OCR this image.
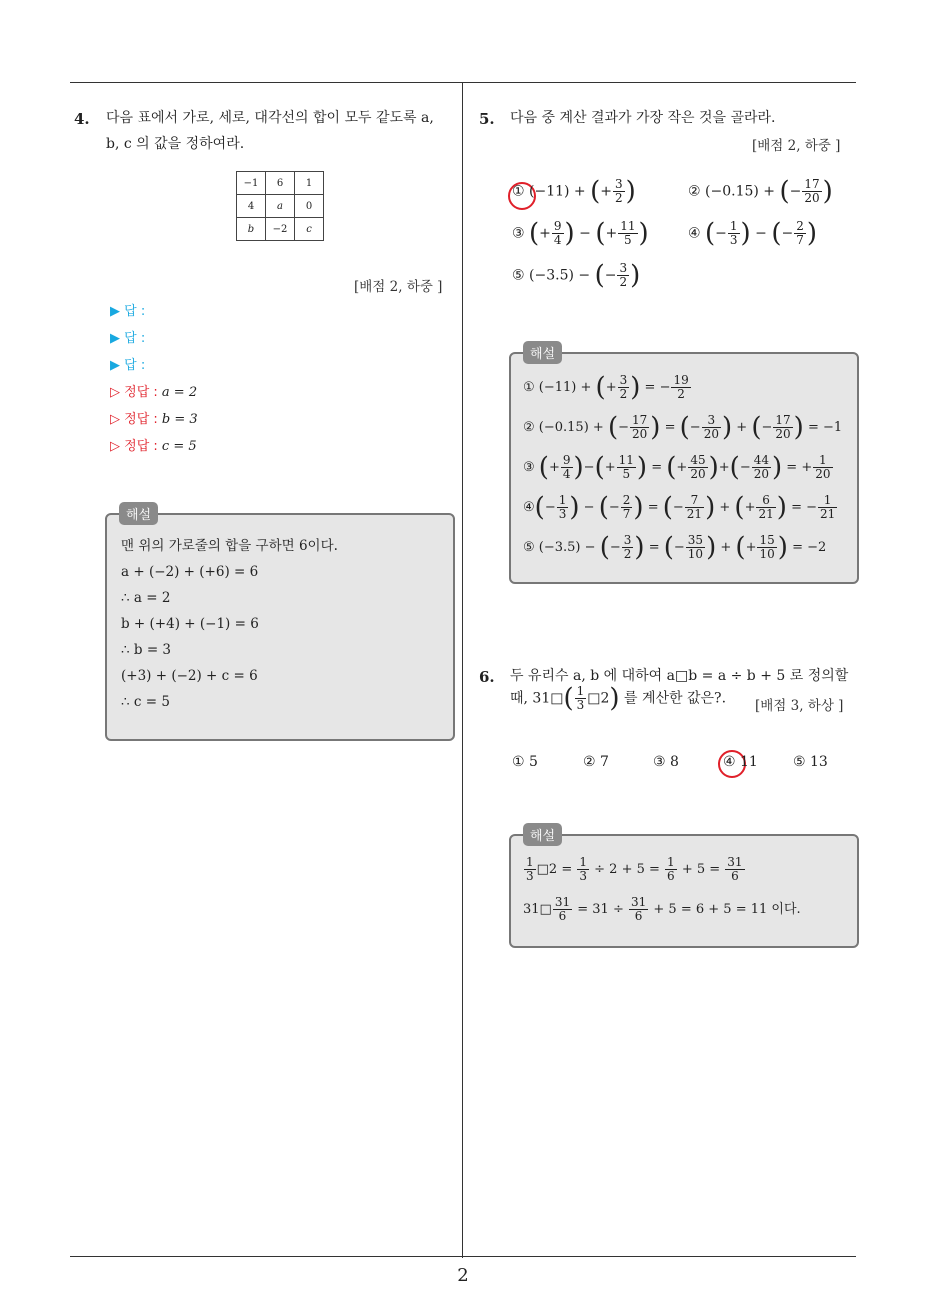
4. 다음 표에서 가로, 세로, 대각선의 합이 모두 같도록 a,
b, c 의 값을 정하여라.
−1	6	1
4	a	0
b	−2	c
[배점 2, 하중 ]
▶ 답 :
▶ 답 :
▶ 답 :
▷ 정답 : a = 2
▷ 정답 : b = 3
▷ 정답 : c = 5
해설
맨 위의 가로줄의 합을 구하면 6이다.
a + (−2) + (+6) = 6
∴ a = 2
b + (+4) + (−1) = 6
∴ b = 3
(+3) + (−2) + c = 6
∴ c = 5
5. 다음 중 계산 결과가 가장 작은 것을 골라라.
[배점 2, 하중 ]
① (−11) + (+ $\frac{3}{2}$ )	② (−0.15) + (− $\frac{17}{20}$ )
③ (+ $\frac{9}{4}$ ) − (+ $\frac{11}{5}$ )	④ (− $\frac{1}{3}$ ) − (− $\frac{2}{7}$ )
⑤ (−3.5) − (− $\frac{3}{2}$ )
해설
① (−11) + (+ $\frac{3}{2}$ ) = − $\frac{19}{2}$
② (−0.15) + (− $\frac{17}{20}$ ) = (− $\frac{3}{20}$ ) + (− $\frac{17}{20}$ ) = −1
③ (+ $\frac{9}{4}$ )−(+ $\frac{11}{5}$ ) = (+ $\frac{45}{20}$ )+(− $\frac{44}{20}$ ) = + $\frac{1}{20}$
④(− $\frac{1}{3}$ ) − (− $\frac{2}{7}$ ) = (− $\frac{7}{21}$ ) + (+ $\frac{6}{21}$ ) = − $\frac{1}{21}$
⑤ (−3.5) − (− $\frac{3}{2}$ ) = (− $\frac{35}{10}$ ) + (+ $\frac{15}{10}$ ) = −2
6. 두 유리수 a, b 에 대하여 a□b = a ÷ b + 5 로 정의할
때, 31□( $\frac{1}{3}$ □2) 를 계산한 값은?. [배점 3, 하상 ]
① 5	② 7	③ 8	④ 11	⑤ 13
해설
$\frac{1}{3}$ □2 = $\frac{1}{3} \div 2 + 5 = \frac{1}{6} + 5 = \frac{31}{6}$
31□ $\frac{31}{6} = 31 \div \frac{31}{6} + 5 = 6 + 5 = 11$ 이다.
2
